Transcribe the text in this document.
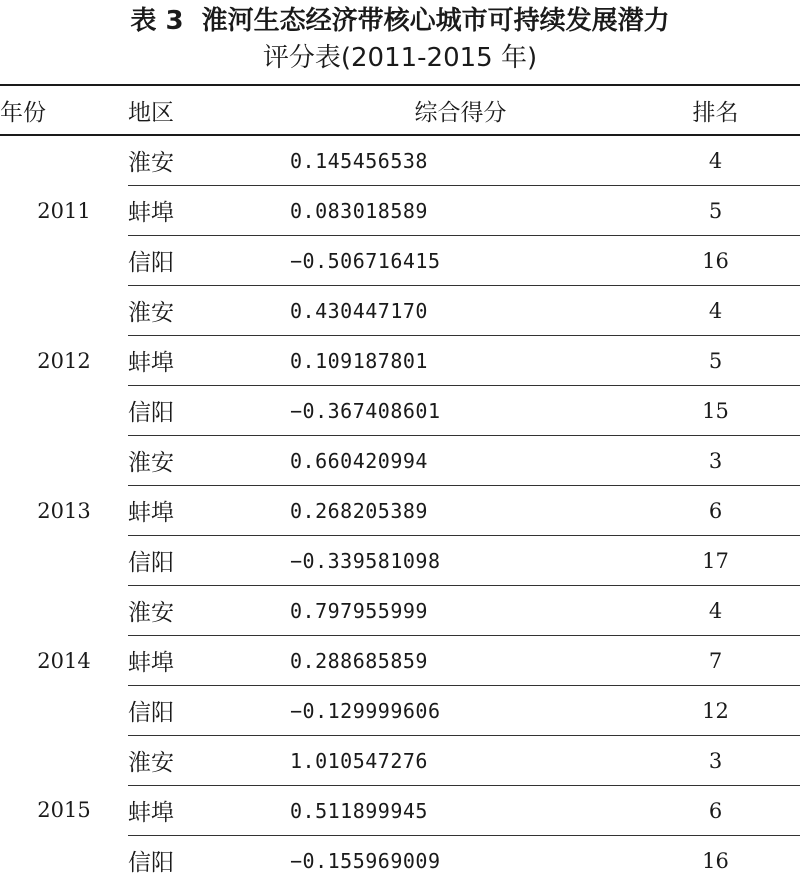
表 3 淮河生态经济带核心城市可持续发展潜力
评分表(2011-2015 年)
年份	地区	综合得分	排名
2011	淮安	0.145456538	4
	蚌埠	0.083018589	5
	信阳	−0.506716415	16
2012	淮安	0.430447170	4
	蚌埠	0.109187801	5
	信阳	−0.367408601	15
2013	淮安	0.660420994	3
	蚌埠	0.268205389	6
	信阳	−0.339581098	17
2014	淮安	0.797955999	4
	蚌埠	0.288685859	7
	信阳	−0.129999606	12
2015	淮安	1.010547276	3
	蚌埠	0.511899945	6
	信阳	−0.155969009	16
